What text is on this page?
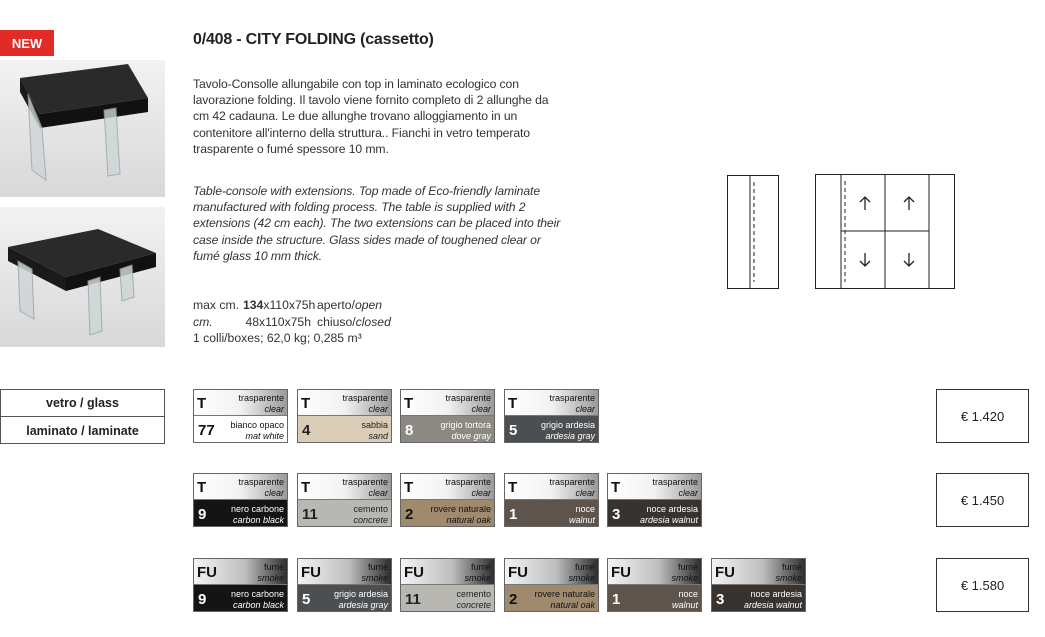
NEW	0/408 - CITY FOLDING (cassetto)
Tavolo-Consolle allungabile con top in laminato ecologico con lavorazione folding. Il tavolo viene fornito completo di 2 allunghe da cm 42 cadauna. Le due allunghe trovano alloggiamento in un contenitore all'interno della struttura.. Fianchi in vetro temperato trasparente o fumé spessore 10 mm.
Table-console with extensions. Top made of Eco-friendly laminate manufactured with folding process. The table is supplied with 2 extensions (42 cm each). The two extensions can be placed into their case inside the structure. Glass sides made of toughened clear or fumé glass 10 mm thick.
max cm. 134x110x75h aperto/ open
cm.	48x110x75h chiuso/ closed
1 colli/boxes; 62,0 kg; 0,285 m³
vetro / glass
laminato / laminate
T	trasparente
clear
77 bianco opaco
mat white
T	trasparente
clear
4	sabbia
sand
T	trasparente
clear
8	grigio tortora
dove gray
T	trasparente
clear
5	grigio ardesia
ardesia gray
€ 1.420
T	trasparente
clear
9	nero carbone
carbon black
T	trasparente
clear
11	cemento
concrete
T	trasparente
clear
2 rovere naturale
natural oak
T	trasparente
clear
1	noce
walnut
T	trasparente
clear
3	noce ardesia
ardesia walnut
€ 1.450
FU	fumé
smoke
9	nero carbone
carbon black
FU	fumé
smoke
5	grigio ardesia
ardesia gray
FU	fumé
smoke
11	cemento
concrete
FU	fumé
smoke
2 rovere naturale
natural oak
FU	fumé
smoke
1	noce
walnut
FU	fumé
smoke
3	noce ardesia
ardesia walnut
€ 1.580
